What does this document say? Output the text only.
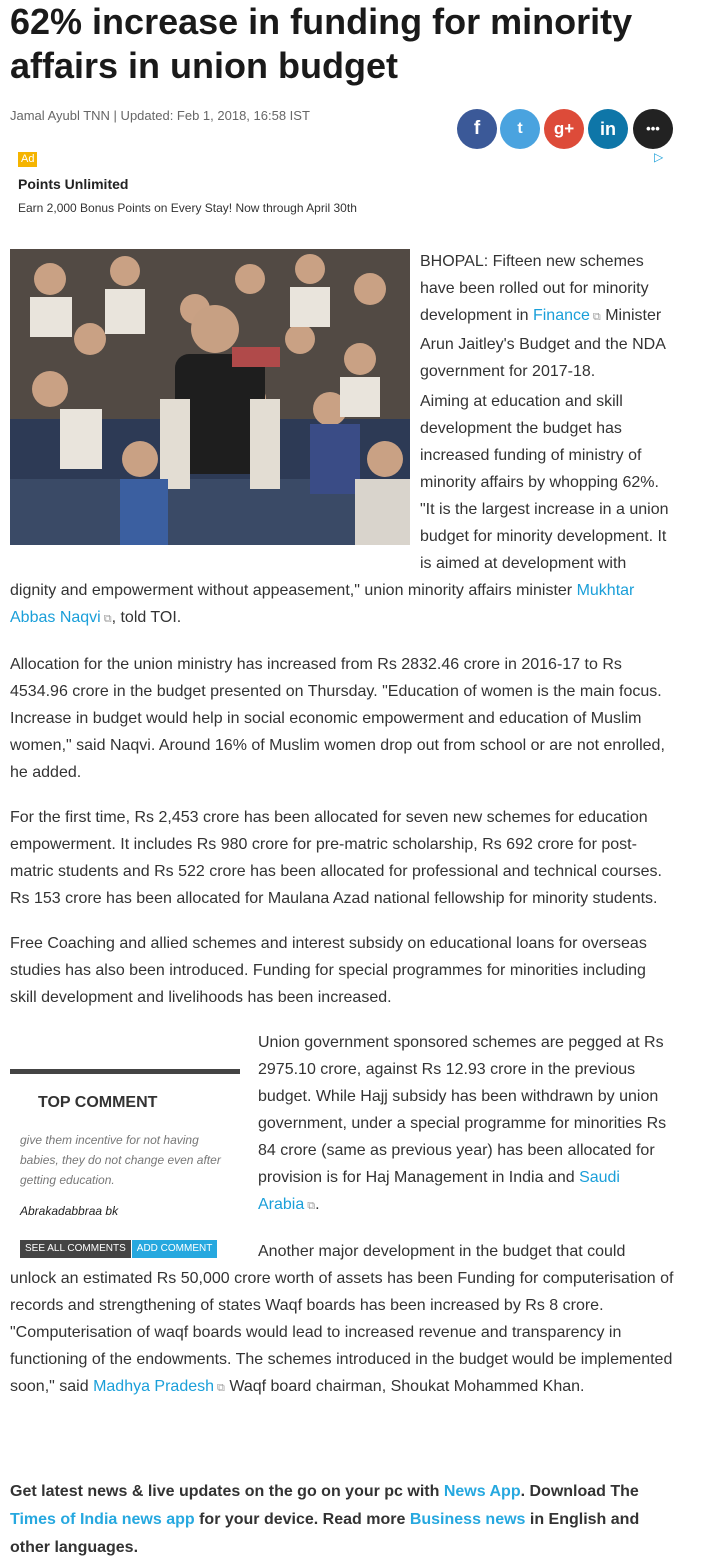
62% increase in funding for minority affairs in union budget
Jamal Ayubl TNN | Updated: Feb 1, 2018, 16:58 IST
f	t	g+	in	•••
Ad	▷
Points Unlimited
Earn 2,000 Bonus Points on Every Stay! Now through April 30th

BHOPAL: Fifteen new schemes have been rolled out for minority development in Finance ⧉ Minister Arun Jaitley's Budget and the NDA government for 2017-18.

Aiming at education and skill development the budget has increased funding of ministry of minority affairs by whopping 62%. "It is the largest increase in a union budget for minority development. It is aimed at development with dignity and empowerment without appeasement," union minority affairs minister Mukhtar Abbas Naqvi ⧉, told TOI.

Allocation for the union ministry has increased from Rs 2832.46 crore in 2016-17 to Rs 4534.96 crore in the budget presented on Thursday. "Education of women is the main focus. Increase in budget would help in social economic empowerment and education of Muslim women," said Naqvi. Around 16% of Muslim women drop out from school or are not enrolled, he added.

For the first time, Rs 2,453 crore has been allocated for seven new schemes for education empowerment. It includes Rs 980 crore for pre-matric scholarship, Rs 692 crore for post-matric students and Rs 522 crore has been allocated for professional and technical courses. Rs 153 crore has been allocated for Maulana Azad national fellowship for minority students.

Free Coaching and allied schemes and interest subsidy on educational loans for overseas studies has also been introduced. Funding for special programmes for minorities including skill development and livelihoods has been increased.

Union government sponsored schemes are pegged at Rs 2975.10 crore, against Rs 12.93 crore in the previous budget. While Hajj subsidy has been withdrawn by union government, under a special programme for minorities Rs 84 crore (same as previous year) has been allocated for provision is for Haj Management in India and Saudi Arabia ⧉.

Another major development in the budget that could unlock an estimated Rs 50,000 crore worth of assets has been Funding for computerisation of records and strengthening of states Waqf boards has been increased by Rs 8 crore. "Computerisation of waqf boards would lead to increased revenue and transparency in functioning of the endowments. The schemes introduced in the budget would be implemented soon," said Madhya Pradesh ⧉ Waqf board chairman, Shoukat Mohammed Khan.

TOP COMMENT
give them incentive for not having babies, they do not change even after getting education.
Abrakadabbraa bk
SEE ALL COMMENTS ADD COMMENT
Get latest news & live updates on the go on your pc with News App. Download The Times of India news app for your device. Read more Business news in English and other languages.
